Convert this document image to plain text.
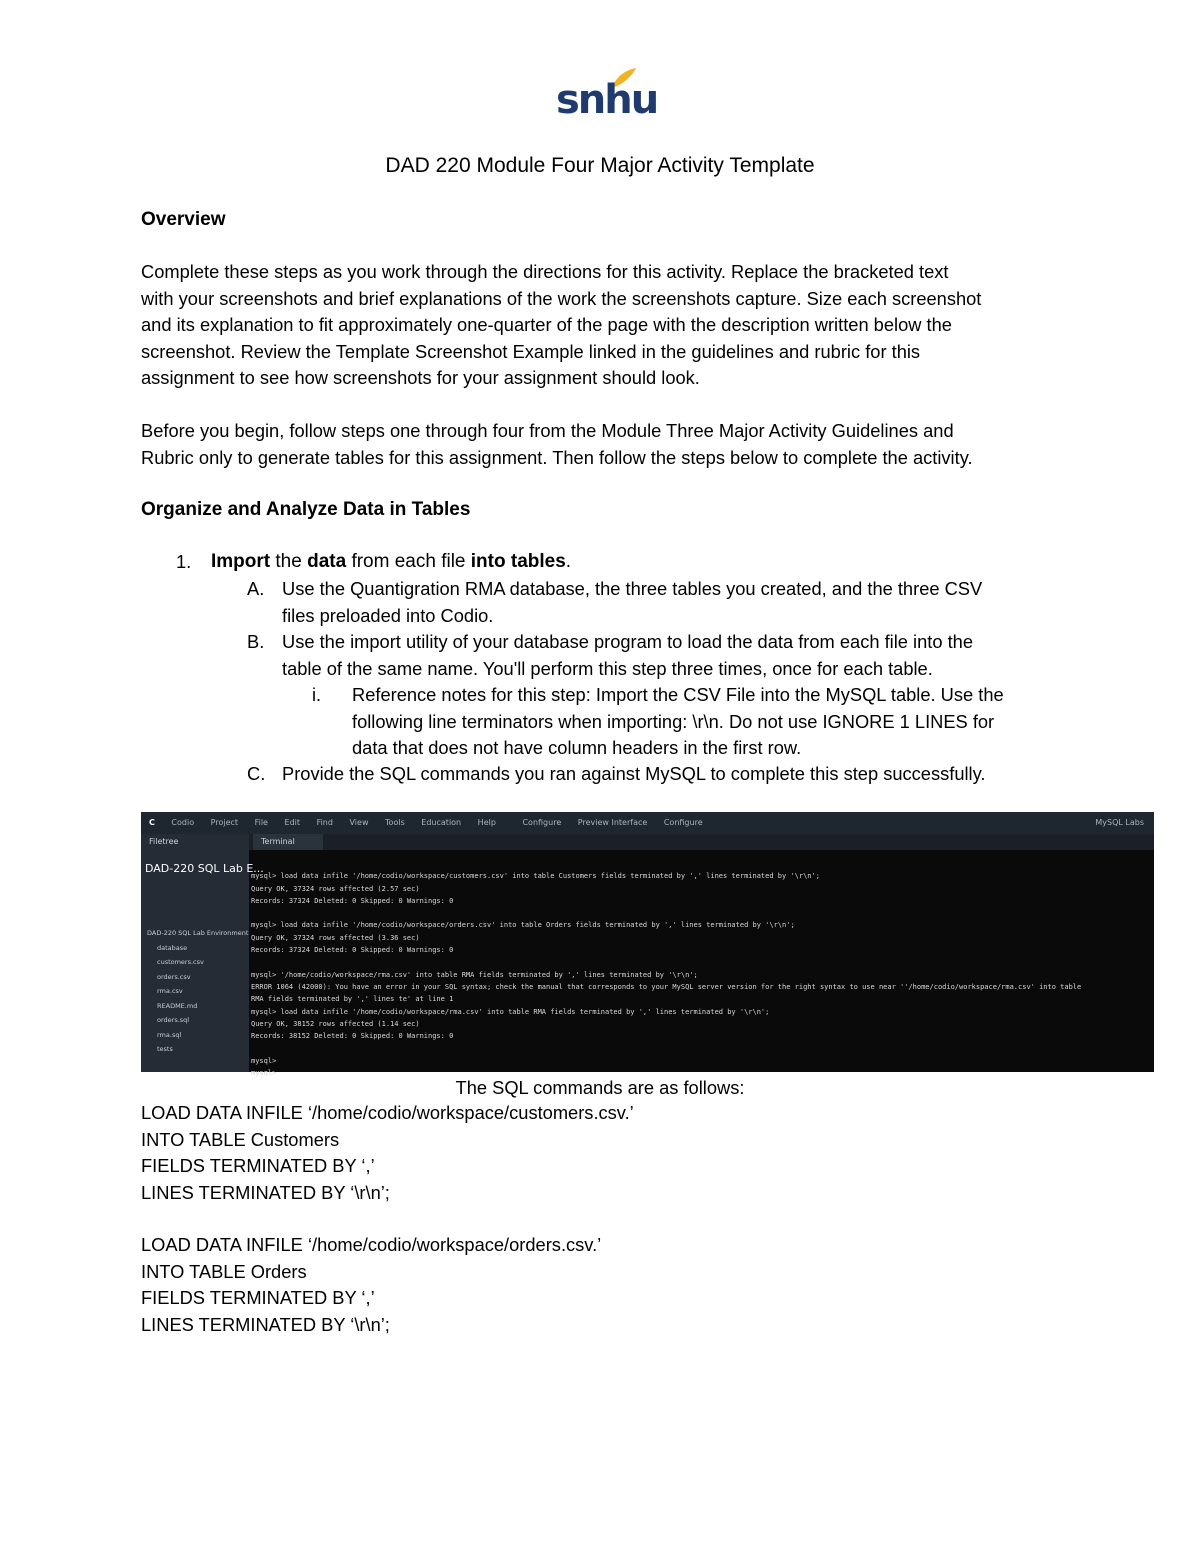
snhu
DAD 220 Module Four Major Activity Template
Overview
Complete these steps as you work through the directions for this activity. Replace the bracketed text
with your screenshots and brief explanations of the work the screenshots capture. Size each screenshot
and its explanation to fit approximately one-quarter of the page with the description written below the
screenshot. Review the Template Screenshot Example linked in the guidelines and rubric for this
assignment to see how screenshots for your assignment should look.
Before you begin, follow steps one through four from the Module Three Major Activity Guidelines and
Rubric only to generate tables for this assignment. Then follow the steps below to complete the activity.
Organize and Analyze Data in Tables
1. Import the data from each file into tables.
A. Use the Quantigration RMA database, the three tables you created, and the three CSV
files preloaded into Codio.
B. Use the import utility of your database program to load the data from each file into the
table of the same name. You'll perform this step three times, once for each table.
i. Reference notes for this step: Import the CSV File into the MySQL table. Use the
following line terminators when importing: \r\n. Do not use IGNORE 1 LINES for
data that does not have column headers in the first row.
C. Provide the SQL commands you ran against MySQL to complete this step successfully.
C Codio Project File Edit Find View Tools Education Help	Configure Preview Interface Configure	MySQL Labs
DAD-220 SQL Lab E...
DAD-220 SQL Lab Environment
database
customers.csv
orders.csv
rma.csv
README.md
orders.sql
rma.sql
tests
Filetree	Terminal

mysql> load data infile '/home/codio/workspace/customers.csv' into table Customers fields terminated by ',' lines terminated by '\r\n';
Query OK, 37324 rows affected (2.57 sec)
Records: 37324 Deleted: 0 Skipped: 0 Warnings: 0

mysql> load data infile '/home/codio/workspace/orders.csv' into table Orders fields terminated by ',' lines terminated by '\r\n';
Query OK, 37324 rows affected (3.36 sec)
Records: 37324 Deleted: 0 Skipped: 0 Warnings: 0

mysql> '/home/codio/workspace/rma.csv' into table RMA fields terminated by ',' lines terminated by '\r\n';
ERROR 1064 (42000): You have an error in your SQL syntax; check the manual that corresponds to your MySQL server version for the right syntax to use near ''/home/codio/workspace/rma.csv' into table
RMA fields terminated by ',' lines te' at line 1
mysql> load data infile '/home/codio/workspace/rma.csv' into table RMA fields terminated by ',' lines terminated by '\r\n';
Query OK, 38152 rows affected (1.14 sec)
Records: 38152 Deleted: 0 Skipped: 0 Warnings: 0

mysql>
mysql>
The SQL commands are as follows:
LOAD DATA INFILE ‘/home/codio/workspace/customers.csv.’
INTO TABLE Customers
FIELDS TERMINATED BY ‘,’
LINES TERMINATED BY ‘\r\n’;
LOAD DATA INFILE ‘/home/codio/workspace/orders.csv.’
INTO TABLE Orders
FIELDS TERMINATED BY ‘,’
LINES TERMINATED BY ‘\r\n’;
